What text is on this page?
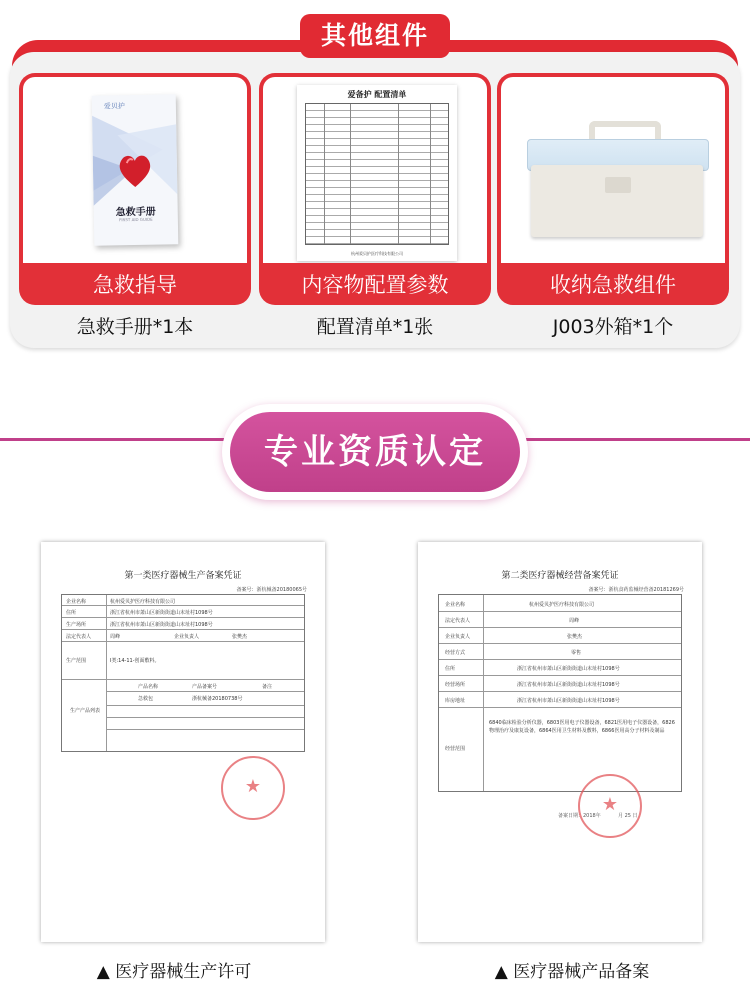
其他组件
爱贝护
急救手册
FIRST AID GUIDE
急救指导
急救手册*1本
爱备护 配置清单
杭州爱贝护医疗科技有限公司
内容物配置参数
配置清单*1张
收纳急救组件
J003外箱*1个
专业资质认定
第一类医疗器械生产备案凭证
备案号：浙杭械备20180065号
企业名称	杭州爱贝护医疗科技有限公司
住所	浙江省杭州市萧山区新街街道山末址村1098号
生产场所	浙江省杭州市萧山区新街街道山末址村1098号
法定代表人	周峰	企业负责人	张樊杰
生产范围	Ⅰ类:14-11-创面敷料。
生产产品列表
产品名称	产品备案号	备注
急救包	浙杭械备20180738号
★
▲ 医疗器械生产许可
第二类医疗器械经营备案凭证
备案号：浙杭食药监械经营备20181269号
企业名称	杭州爱贝护医疗科技有限公司
法定代表人	周峰
企业负责人	张樊杰
经营方式	零售
住所	浙江省杭州市萧山区新街街道山末址村1098号
经营场所	浙江省杭州市萧山区新街街道山末址村1098号
库房地址	浙江省杭州市萧山区新街街道山末址村1098号
经营范围
6840临床检验分析仪器，6803医用电子仪器设备，6821医用电子仪器设备，6826物理治疗及康复设备，6864医用卫生材料及敷料，6866医用高分子材料及制品
备案日期：2018年	月 25 日
★
▲ 医疗器械产品备案
